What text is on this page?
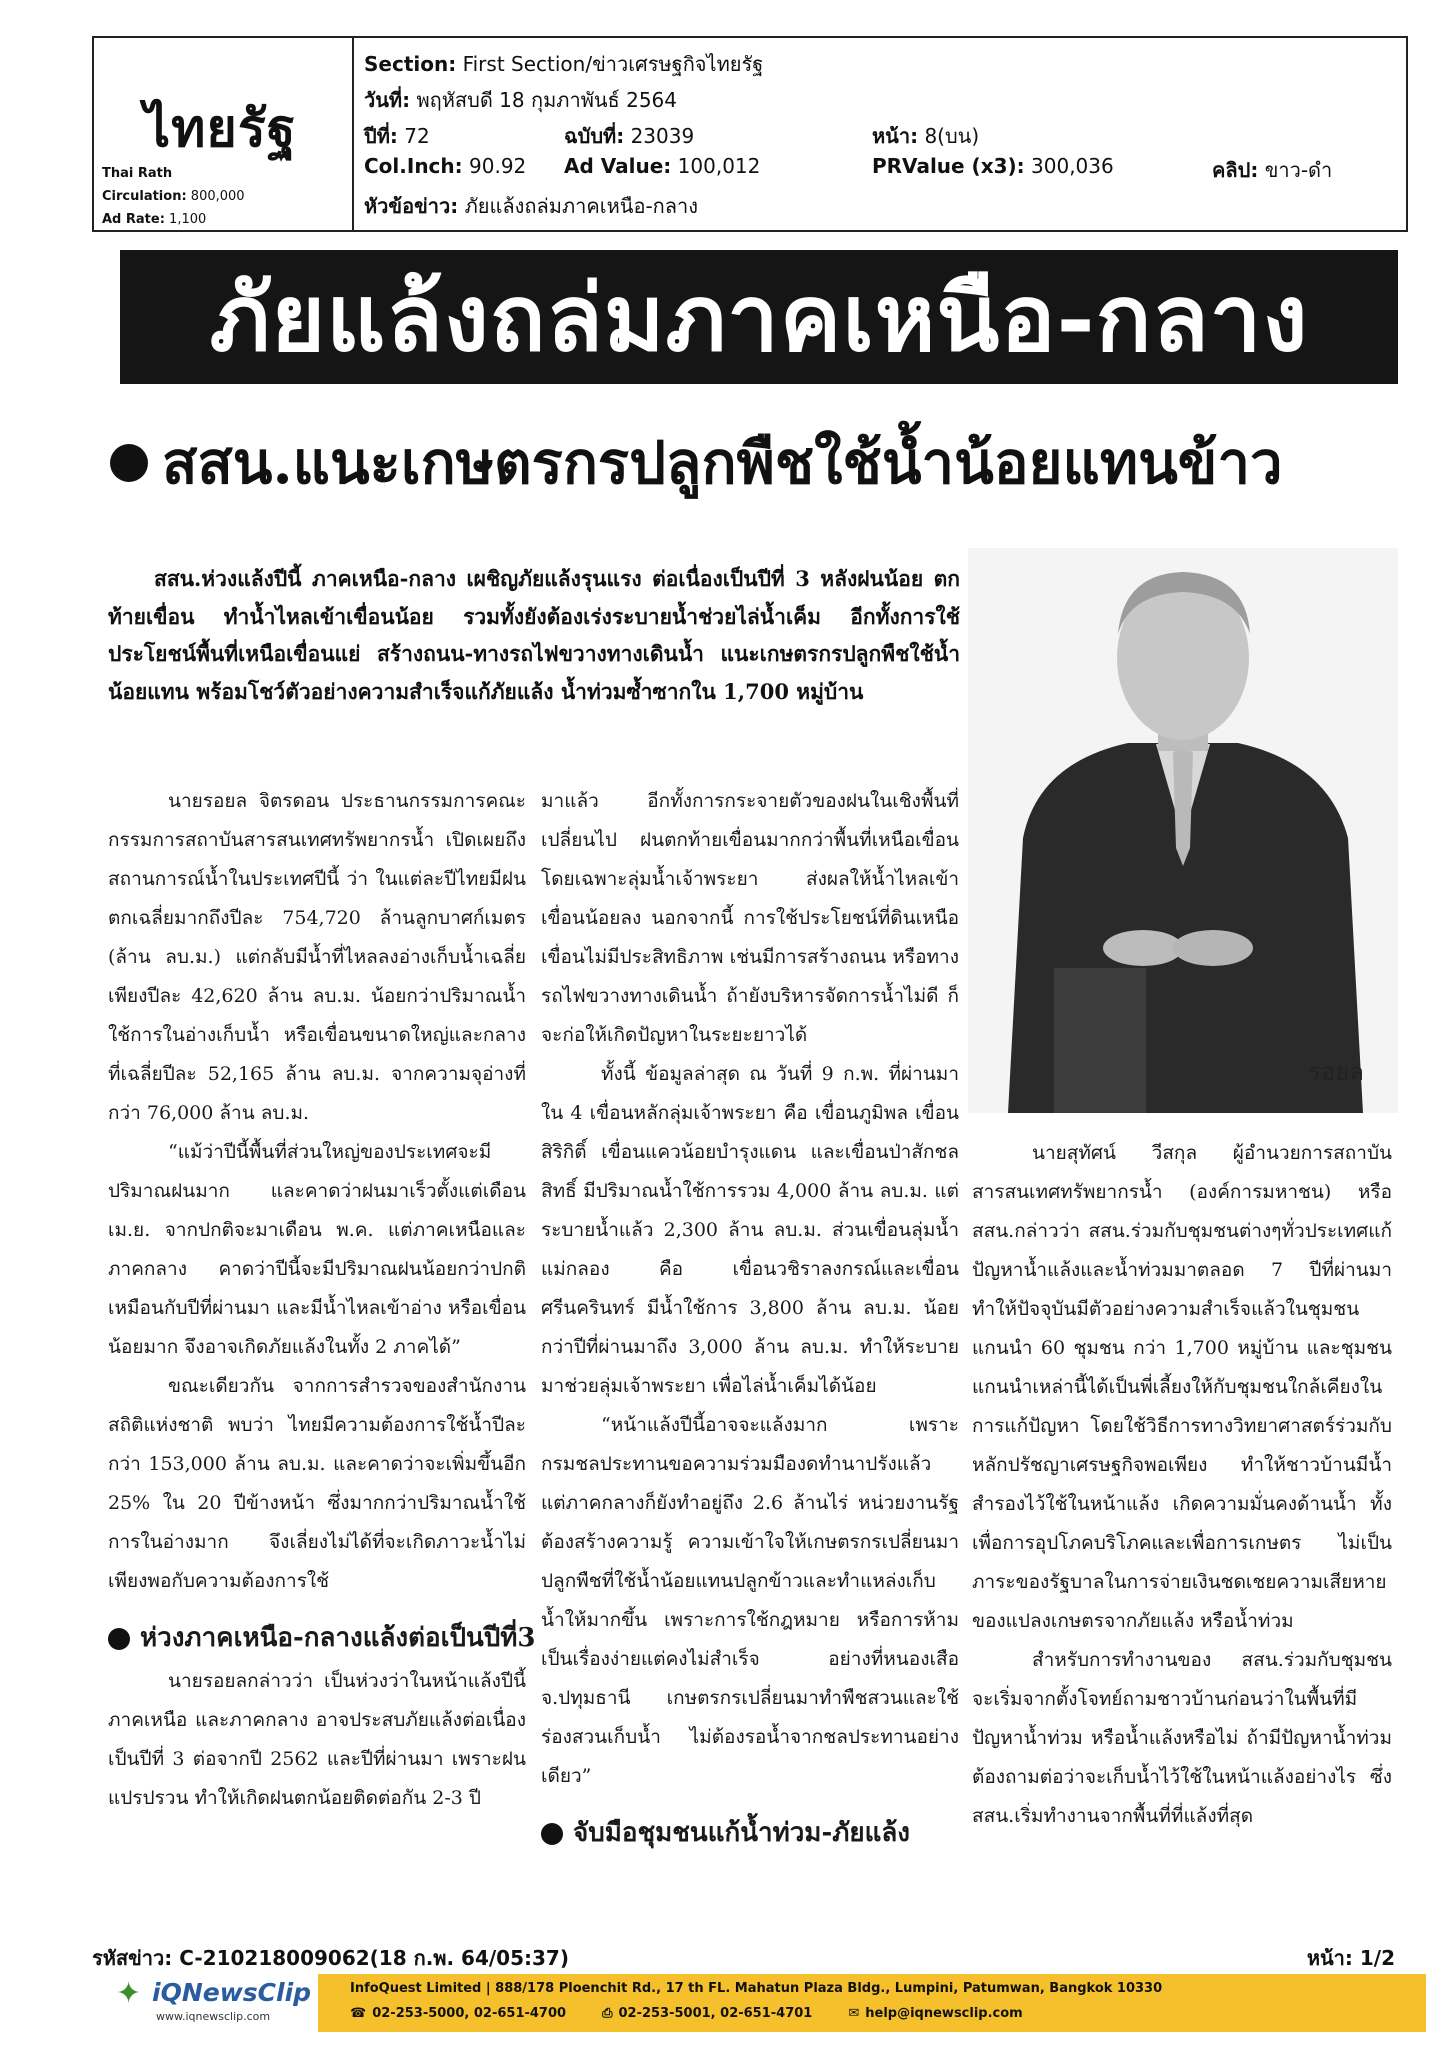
ไทยรัฐ
Thai Rath
Circulation: 800,000
Ad Rate: 1,100
Section: First Section/ข่าวเศรษฐกิจไทยรัฐ
วันที่: พฤหัสบดี 18 กุมภาพันธ์ 2564
ปีที่: 72	ฉบับที่: 23039	หน้า: 8(บน)
Col.Inch: 90.92 Ad Value: 100,012	PRValue (x3): 300,036	คลิป: ขาว-ดำ
หัวข้อข่าว: ภัยแล้งถล่มภาคเหนือ-กลาง
ภัยแล้งถล่มภาคเหนือ-กลาง
สสน.แนะเกษตรกรปลูกพืชใช้น้ำน้อยแทนข้าว
สสน.ห่วงแล้งปีนี้ ภาคเหนือ-กลาง เผชิญภัยแล้งรุนแรง ต่อเนื่องเป็นปีที่ 3 หลังฝนน้อย ตกท้ายเขื่อน ทำน้ำไหลเข้าเขื่อนน้อย รวมทั้งยังต้องเร่งระบายน้ำช่วยไล่น้ำเค็ม อีกทั้งการใช้ประโยชน์พื้นที่เหนือเขื่อนแย่ สร้างถนน-ทางรถไฟขวางทางเดินน้ำ แนะเกษตรกรปลูกพืชใช้น้ำน้อยแทน พร้อมโชว์ตัวอย่างความสำเร็จแก้ภัยแล้ง น้ำท่วมซ้ำซากใน 1,700 หมู่บ้าน
รอยล

นายรอยล จิตรดอน ประธานกรรมการคณะกรรมการสถาบันสารสนเทศทรัพยากรน้ำ เปิดเผยถึงสถานการณ์น้ำในประเทศปีนี้ ว่า ในแต่ละปีไทยมีฝนตกเฉลี่ยมากถึงปีละ 754,720 ล้านลูกบาศก์เมตร (ล้าน ลบ.ม.) แต่กลับมีน้ำที่ไหลลงอ่างเก็บน้ำเฉลี่ยเพียงปีละ 42,620 ล้าน ลบ.ม. น้อยกว่าปริมาณน้ำใช้การในอ่างเก็บน้ำ หรือเขื่อนขนาดใหญ่และกลางที่เฉลี่ยปีละ 52,165 ล้าน ลบ.ม. จากความจุอ่างที่กว่า 76,000 ล้าน ลบ.ม.

“แม้ว่าปีนี้พื้นที่ส่วนใหญ่ของประเทศจะมีปริมาณฝนมาก และคาดว่าฝนมาเร็วตั้งแต่เดือน เม.ย. จากปกติจะมาเดือน พ.ค. แต่ภาคเหนือและภาคกลาง คาดว่าปีนี้จะมีปริมาณฝนน้อยกว่าปกติ เหมือนกับปีที่ผ่านมา และมีน้ำไหลเข้าอ่าง หรือเขื่อนน้อยมาก จึงอาจเกิดภัยแล้งในทั้ง 2 ภาคได้”

ขณะเดียวกัน จากการสำรวจของสำนักงานสถิติแห่งชาติ พบว่า ไทยมีความต้องการใช้น้ำปีละกว่า 153,000 ล้าน ลบ.ม. และคาดว่าจะเพิ่มขึ้นอีก 25% ใน 20 ปีข้างหน้า ซึ่งมากกว่าปริมาณน้ำใช้การในอ่างมาก จึงเลี่ยงไม่ได้ที่จะเกิดภาวะน้ำไม่เพียงพอกับความต้องการใช้

ห่วงภาคเหนือ-กลางแล้งต่อเป็นปีที่3

นายรอยลกล่าวว่า เป็นห่วงว่าในหน้าแล้งปีนี้ ภาคเหนือ และภาคกลาง อาจประสบภัยแล้งต่อเนื่องเป็นปีที่ 3 ต่อจากปี 2562 และปีที่ผ่านมา เพราะฝนแปรปรวน ทำให้เกิดฝนตกน้อยติดต่อกัน 2-3 ปี

มาแล้ว อีกทั้งการกระจายตัวของฝนในเชิงพื้นที่เปลี่ยนไป ฝนตกท้ายเขื่อนมากกว่าพื้นที่เหนือเขื่อน โดยเฉพาะลุ่มน้ำเจ้าพระยา ส่งผลให้น้ำไหลเข้าเขื่อนน้อยลง นอกจากนี้ การใช้ประโยชน์ที่ดินเหนือเขื่อนไม่มีประสิทธิภาพ เช่นมีการสร้างถนน หรือทางรถไฟขวางทางเดินน้ำ ถ้ายังบริหารจัดการน้ำไม่ดี ก็จะก่อให้เกิดปัญหาในระยะยาวได้

ทั้งนี้ ข้อมูลล่าสุด ณ วันที่ 9 ก.พ. ที่ผ่านมา ใน 4 เขื่อนหลักลุ่มเจ้าพระยา คือ เขื่อนภูมิพล เขื่อนสิริกิติ์ เขื่อนแควน้อยบำรุงแดน และเขื่อนป่าสักชลสิทธิ์ มีปริมาณน้ำใช้การรวม 4,000 ล้าน ลบ.ม. แต่ระบายน้ำแล้ว 2,300 ล้าน ลบ.ม. ส่วนเขื่อนลุ่มน้ำแม่กลอง คือ เขื่อนวชิราลงกรณ์และเขื่อนศรีนครินทร์ มีน้ำใช้การ 3,800 ล้าน ลบ.ม. น้อยกว่าปีที่ผ่านมาถึง 3,000 ล้าน ลบ.ม. ทำให้ระบายมาช่วยลุ่มเจ้าพระยา เพื่อไล่น้ำเค็มได้น้อย

“หน้าแล้งปีนี้อาจจะแล้งมาก เพราะกรมชลประทานขอความร่วมมืองดทำนาปรังแล้ว แต่ภาคกลางก็ยังทำอยู่ถึง 2.6 ล้านไร่ หน่วยงานรัฐต้องสร้างความรู้ ความเข้าใจให้เกษตรกรเปลี่ยนมาปลูกพืชที่ใช้น้ำน้อยแทนปลูกข้าวและทำแหล่งเก็บน้ำให้มากขึ้น เพราะการใช้กฎหมาย หรือการห้ามเป็นเรื่องง่ายแต่คงไม่สำเร็จ อย่างที่หนองเสือ จ.ปทุมธานี เกษตรกรเปลี่ยนมาทำพืชสวนและใช้ร่องสวนเก็บน้ำ ไม่ต้องรอน้ำจากชลประทานอย่างเดียว”

จับมือชุมชนแก้น้ำท่วม-ภัยแล้ง

นายสุทัศน์ วีสกุล ผู้อำนวยการสถาบันสารสนเทศทรัพยากรน้ำ (องค์การมหาชน) หรือ สสน.กล่าวว่า สสน.ร่วมกับชุมชนต่างๆทั่วประเทศแก้ปัญหาน้ำแล้งและน้ำท่วมมาตลอด 7 ปีที่ผ่านมา ทำให้ปัจจุบันมีตัวอย่างความสำเร็จแล้วในชุมชนแกนนำ 60 ชุมชน กว่า 1,700 หมู่บ้าน และชุมชนแกนนำเหล่านี้ได้เป็นพี่เลี้ยงให้กับชุมชนใกล้เคียงในการแก้ปัญหา โดยใช้วิธีการทางวิทยาศาสตร์ร่วมกับหลักปรัชญาเศรษฐกิจพอเพียง ทำให้ชาวบ้านมีน้ำสำรองไว้ใช้ในหน้าแล้ง เกิดความมั่นคงด้านน้ำ ทั้งเพื่อการอุปโภคบริโภคและเพื่อการเกษตร ไม่เป็นภาระของรัฐบาลในการจ่ายเงินชดเชยความเสียหายของแปลงเกษตรจากภัยแล้ง หรือน้ำท่วม

สำหรับการทำงานของ สสน.ร่วมกับชุมชน จะเริ่มจากตั้งโจทย์ถามชาวบ้านก่อนว่าในพื้นที่มีปัญหาน้ำท่วม หรือน้ำแล้งหรือไม่ ถ้ามีปัญหาน้ำท่วม ต้องถามต่อว่าจะเก็บน้ำไว้ใช้ในหน้าแล้งอย่างไร ซึ่ง สสน.เริ่มทำงานจากพื้นที่ที่แล้งที่สุด

รหัสข่าว: C-210218009062(18 ก.พ. 64/05:37)	หน้า: 1/2
✦ iQNewsClip
www.iqnewsclip.com
InfoQuest Limited | 888/178 Ploenchit Rd., 17 th FL. Mahatun Plaza Bldg., Lumpini, Patumwan, Bangkok 10330
☎ 02-253-5000, 02-651-4700	⎙ 02-253-5001, 02-651-4701	✉ help@iqnewsclip.com
